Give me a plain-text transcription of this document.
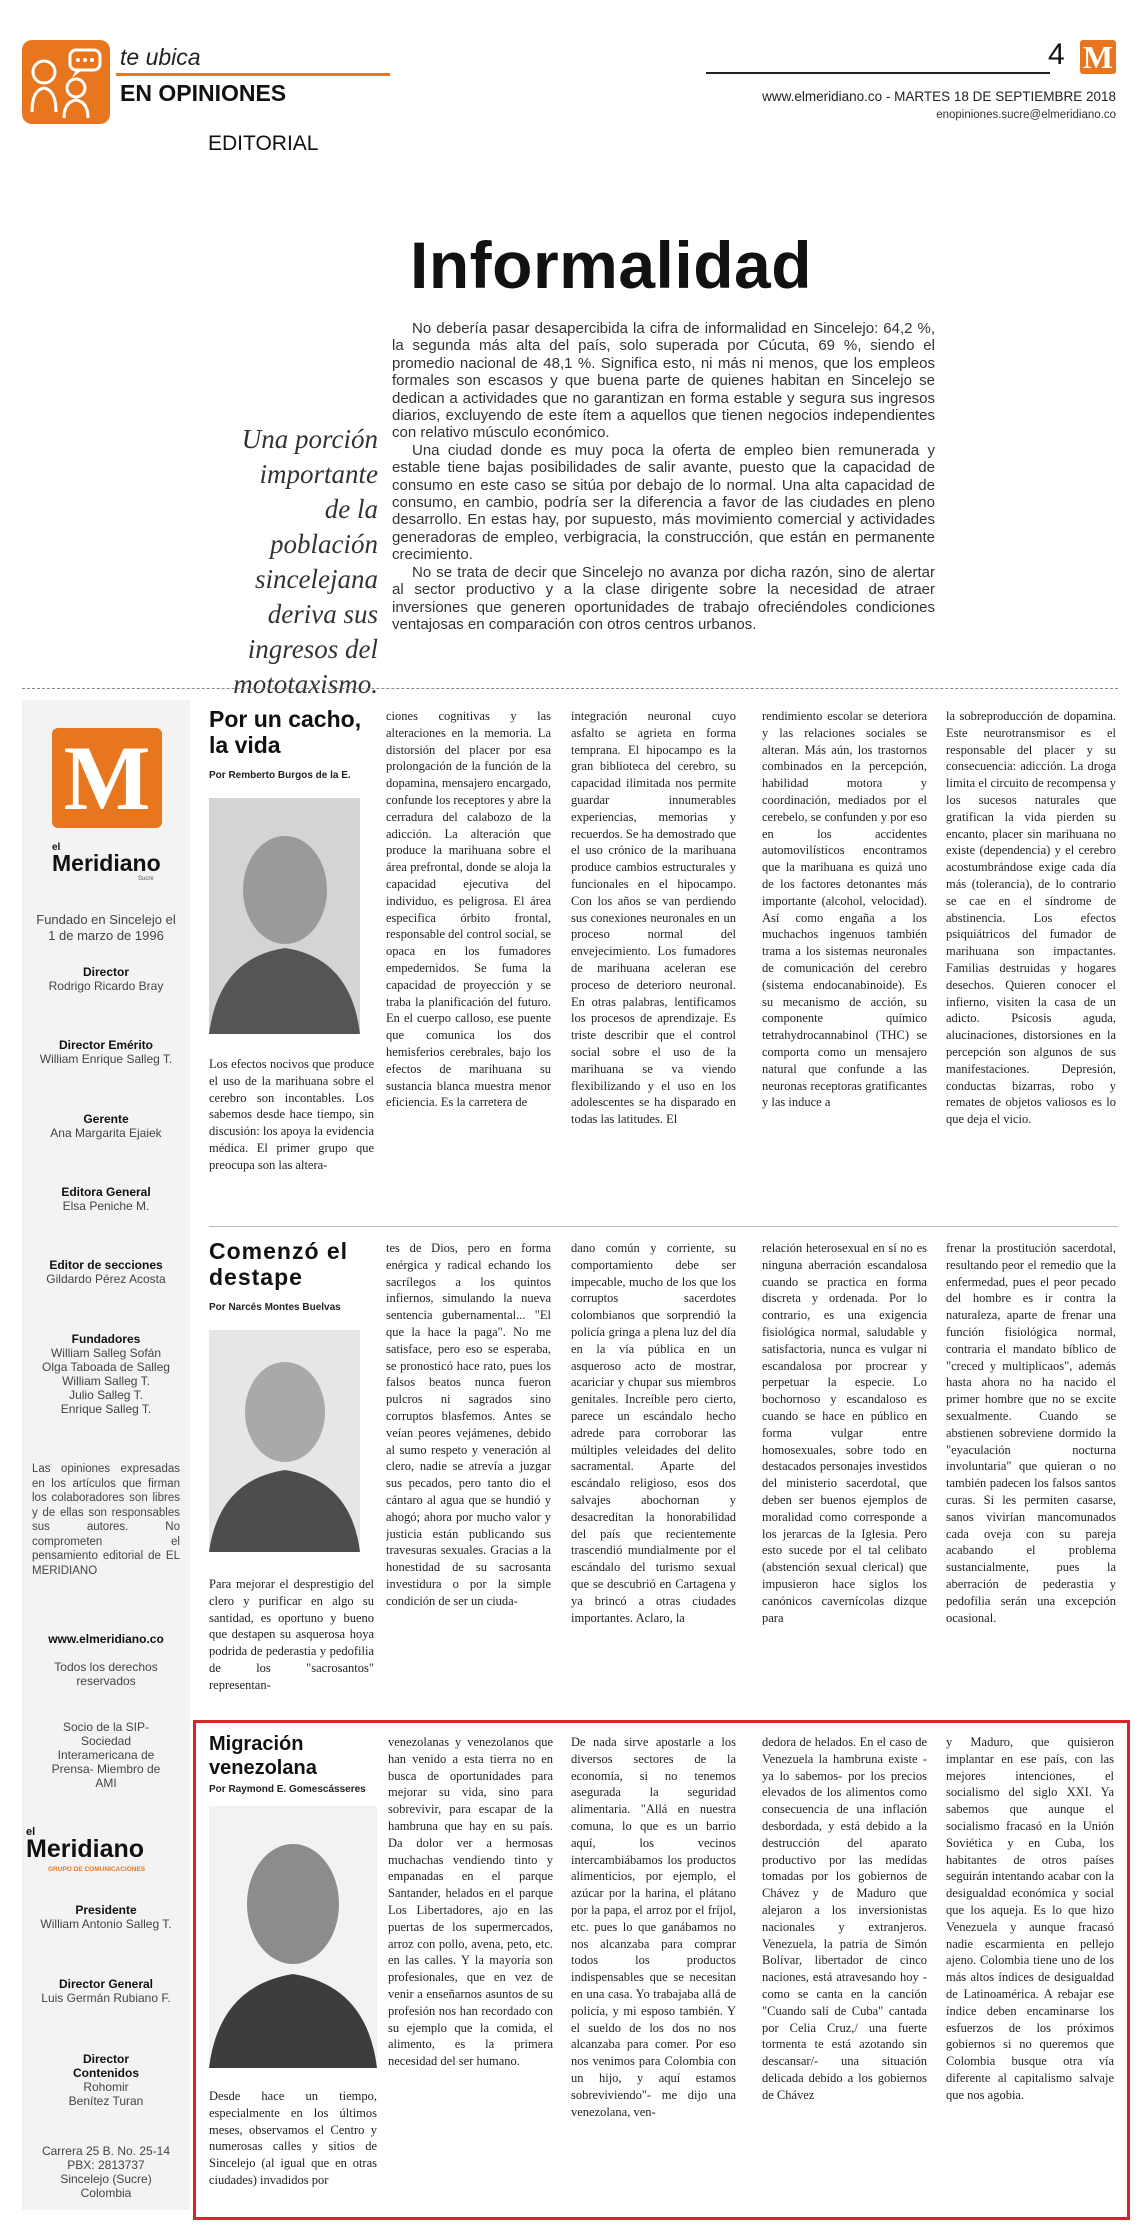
te ubica
EN OPINIONES
EDITORIAL
4 M
www.elmeridiano.co - MARTES 18 DE SEPTIEMBRE 2018
enopiniones.sucre@elmeridiano.co
Informalidad
Una porción importante de la población sincelejana deriva sus ingresos del mototaxismo.
No debería pasar desapercibida la cifra de informalidad en Sincelejo: 64,2 %, la segunda más alta del país, solo superada por Cúcuta, 69 %, siendo el promedio nacional de 48,1 %. Significa esto, ni más ni menos, que los empleos formales son escasos y que buena parte de quienes habitan en Sincelejo se dedican a actividades que no garantizan en forma estable y segura sus ingresos diarios, excluyendo de este ítem a aquellos que tienen negocios independientes con relativo músculo económico.
Una ciudad donde es muy poca la oferta de empleo bien remunerada y estable tiene bajas posibilidades de salir avante, puesto que la capacidad de consumo en este caso se sitúa por debajo de lo normal. Una alta capacidad de consumo, en cambio, podría ser la diferencia a favor de las ciudades en pleno desarrollo. En estas hay, por supuesto, más movimiento comercial y actividades generadoras de empleo, verbigracia, la construcción, que están en permanente crecimiento.
No se trata de decir que Sincelejo no avanza por dicha razón, sino de alertar al sector productivo y a la clase dirigente sobre la necesidad de atraer inversiones que generen oportunidades de trabajo ofreciéndoles condiciones ventajosas en comparación con otros centros urbanos.
M
el
Meridiano
Sucre
Fundado en Sincelejo el 1 de marzo de 1996
Director
Rodrigo Ricardo Bray
Director Emérito
William Enrique Salleg T.
Gerente
Ana Margarita Ejaiek
Editora General
Elsa Peniche M.
Editor de secciones
Gildardo Pérez Acosta
Fundadores
William Salleg Sofán
Olga Taboada de Salleg
William Salleg T.
Julio Salleg T.
Enrique Salleg T.
Las opiniones expresadas en los artículos que firman los colaboradores son libres y de ellas son responsables sus autores. No comprometen el pensamiento editorial de EL MERIDIANO
www.elmeridiano.co
Todos los derechos reservados
Socio de la SIP- Sociedad Interamericana de Prensa- Miembro de AMI
el
Meridiano
GRUPO DE COMUNICACIONES
Presidente
William Antonio Salleg T.
Director General
Luis Germán Rubiano F.
Director Contenidos
Rohomir Benítez Turan
Carrera 25 B. No. 25-14
PBX: 2813737
Sincelejo (Sucre)
Colombia
Por un cacho, la vida
Por Remberto Burgos de la E.
Los efectos nocivos que produce el uso de la marihuana sobre el cerebro son incontables. Los sabemos desde hace tiempo, sin discusión: los apoya la evidencia médica. El primer grupo que preocupa son las altera-
ciones cognitivas y las alteraciones en la memoria. La distorsión del placer por esa prolongación de la función de la dopamina, mensajero encargado, confunde los receptores y abre la cerradura del calabozo de la adicción. La alteración que produce la marihuana sobre el área prefrontal, donde se aloja la capacidad ejecutiva del individuo, es peligrosa. El área especifica órbito frontal, responsable del control social, se opaca en los fumadores empedernidos. Se fuma la capacidad de proyección y se traba la planificación del futuro. En el cuerpo calloso, ese puente que comunica los dos hemisferios cerebrales, bajo los efectos de marihuana su sustancia blanca muestra menor eficiencia. Es la carretera de
integración neuronal cuyo asfalto se agrieta en forma temprana. El hipocampo es la gran biblioteca del cerebro, su capacidad ilimitada nos permite guardar innumerables experiencias, memorias y recuerdos. Se ha demostrado que el uso crónico de la marihuana produce cambios estructurales y funcionales en el hipocampo. Con los años se van perdiendo sus conexiones neuronales en un proceso normal del envejecimiento. Los fumadores de marihuana aceleran ese proceso de deterioro neuronal. En otras palabras, lentificamos los procesos de aprendizaje. Es triste describir que el control social sobre el uso de la marihuana se va viendo flexibilizando y el uso en los adolescentes se ha disparado en todas las latitudes. El
rendimiento escolar se deteriora y las relaciones sociales se alteran. Más aún, los trastornos combinados en la percepción, habilidad motora y coordinación, mediados por el cerebelo, se confunden y por eso en los accidentes automovilísticos encontramos que la marihuana es quizá uno de los factores detonantes más importante (alcohol, velocidad). Así como engaña a los muchachos ingenuos también trama a los sistemas neuronales de comunicación del cerebro (sistema endocanabinoide). Es su mecanismo de acción, su componente químico tetrahydrocannabinol (THC) se comporta como un mensajero natural que confunde a las neuronas receptoras gratificantes y las induce a
la sobreproducción de dopamina. Este neurotransmisor es el responsable del placer y su consecuencia: adicción. La droga limita el circuito de recompensa y los sucesos naturales que gratifican la vida pierden su encanto, placer sin marihuana no existe (dependencia) y el cerebro acostumbrándose exige cada día más (tolerancia), de lo contrario se cae en el síndrome de abstinencia. Los efectos psiquiátricos del fumador de marihuana son impactantes. Familias destruidas y hogares desechos. Quieren conocer el infierno, visiten la casa de un adicto. Psicosis aguda, alucinaciones, distorsiones en la percepción son algunos de sus manifestaciones. Depresión, conductas bizarras, robo y remates de objetos valiosos es lo que deja el vicio.
Comenzó el destape
Por Narcés Montes Buelvas
Para mejorar el desprestigio del clero y purificar en algo su santidad, es oportuno y bueno que destapen su asquerosa hoya podrida de pederastia y pedofilia de los "sacrosantos" representan-
tes de Dios, pero en forma enérgica y radical echando los sacrílegos a los quintos infiernos, simulando la nueva sentencia gubernamental... "El que la hace la paga". No me satisface, pero eso se esperaba, se pronosticó hace rato, pues los falsos beatos nunca fueron pulcros ni sagrados sino corruptos blasfemos. Antes se veían peores vejámenes, debido al sumo respeto y veneración al clero, nadie se atrevía a juzgar sus pecados, pero tanto dio el cántaro al agua que se hundió y ahogó; ahora por mucho valor y justicia están publicando sus travesuras sexuales. Gracias a la honestidad de su sacrosanta investidura o por la simple condición de ser un ciuda-
dano común y corriente, su comportamiento debe ser impecable, mucho de los que los corruptos sacerdotes colombianos que sorprendió la policía gringa a plena luz del día en la vía pública en un asqueroso acto de mostrar, acariciar y chupar sus miembros genitales. Increíble pero cierto, parece un escándalo hecho adrede para corroborar las múltiples veleidades del delito sacramental. Aparte del escándalo religioso, esos dos salvajes abochornan y desacreditan la honorabilidad del país que recientemente trascendió mundialmente por el escándalo del turismo sexual que se descubrió en Cartagena y ya brincó a otras ciudades importantes. Aclaro, la
relación heterosexual en sí no es ninguna aberración escandalosa cuando se practica en forma discreta y ordenada. Por lo contrario, es una exigencia fisiológica normal, saludable y satisfactoria, nunca es vulgar ni escandalosa por procrear y perpetuar la especie. Lo bochornoso y escandaloso es cuando se hace en público en forma vulgar entre homosexuales, sobre todo en destacados personajes investidos del ministerio sacerdotal, que deben ser buenos ejemplos de moralidad como corresponde a los jerarcas de la Iglesia. Pero esto sucede por el tal celibato (abstención sexual clerical) que impusieron hace siglos los canónicos cavernícolas dizque para
frenar la prostitución sacerdotal, resultando peor el remedio que la enfermedad, pues el peor pecado del hombre es ir contra la naturaleza, aparte de frenar una función fisiológica normal, contraria el mandato bíblico de "creced y multiplicaos", además hasta ahora no ha nacido el primer hombre que no se excite sexualmente. Cuando se abstienen sobreviene dormido la "eyaculación nocturna involuntaria" que quieran o no también padecen los falsos santos curas. Si les permiten casarse, sanos vivirían mancomunados cada oveja con su pareja acabando el problema sustancialmente, pues la aberración de pederastia y pedofilia serán una excepción ocasional.
Migración venezolana
Por Raymond E. Gomescásseres
Desde hace un tiempo, especialmente en los últimos meses, observamos el Centro y numerosas calles y sitios de Sincelejo (al igual que en otras ciudades) invadidos por
venezolanas y venezolanos que han venido a esta tierra no en busca de oportunidades para mejorar su vida, sino para sobrevivir, para escapar de la hambruna que hay en su país. Da dolor ver a hermosas muchachas vendiendo tinto y empanadas en el parque Santander, helados en el parque Los Libertadores, ajo en las puertas de los supermercados, arroz con pollo, avena, peto, etc. en las calles. Y la mayoría son profesionales, que en vez de venir a enseñarnos asuntos de su profesión nos han recordado con su ejemplo que la comida, el alimento, es la primera necesidad del ser humano.
De nada sirve apostarle a los diversos sectores de la economía, si no tenemos asegurada la seguridad alimentaria. "Allá en nuestra comuna, lo que es un barrio aquí, los vecinos intercambiábamos los productos alimenticios, por ejemplo, el azúcar por la harina, el plátano por la papa, el arroz por el fríjol, etc. pues lo que ganábamos no nos alcanzaba para comprar todos los productos indispensables que se necesitan en una casa. Yo trabajaba allá de policía, y mi esposo también. Y el sueldo de los dos no nos alcanzaba para comer. Por eso nos venimos para Colombia con un hijo, y aquí estamos sobreviviendo"- me dijo una venezolana, ven-
dedora de helados. En el caso de Venezuela la hambruna existe -ya lo sabemos- por los precios elevados de los alimentos como consecuencia de una inflación desbordada, y está debido a la destrucción del aparato productivo por las medidas tomadas por los gobiernos de Chávez y de Maduro que alejaron a los inversionistas nacionales y extranjeros. Venezuela, la patria de Simón Bolívar, libertador de cinco naciones, está atravesando hoy -como se canta en la canción "Cuando salí de Cuba" cantada por Celia Cruz,/ una fuerte tormenta te está azotando sin descansar/- una situación delicada debido a los gobiernos de Chávez
y Maduro, que quisieron implantar en ese país, con las mejores intenciones, el socialismo del siglo XXI. Ya sabemos que aunque el socialismo fracasó en la Unión Soviética y en Cuba, los habitantes de otros países seguirán intentando acabar con la desigualdad económica y social que los aqueja. Es lo que hizo Venezuela y aunque fracasó nadie escarmienta en pellejo ajeno. Colombia tiene uno de los más altos índices de desigualdad de Latinoamérica. A rebajar ese índice deben encaminarse los esfuerzos de los próximos gobiernos si no queremos que Colombia busque otra vía diferente al capitalismo salvaje que nos agobia.
